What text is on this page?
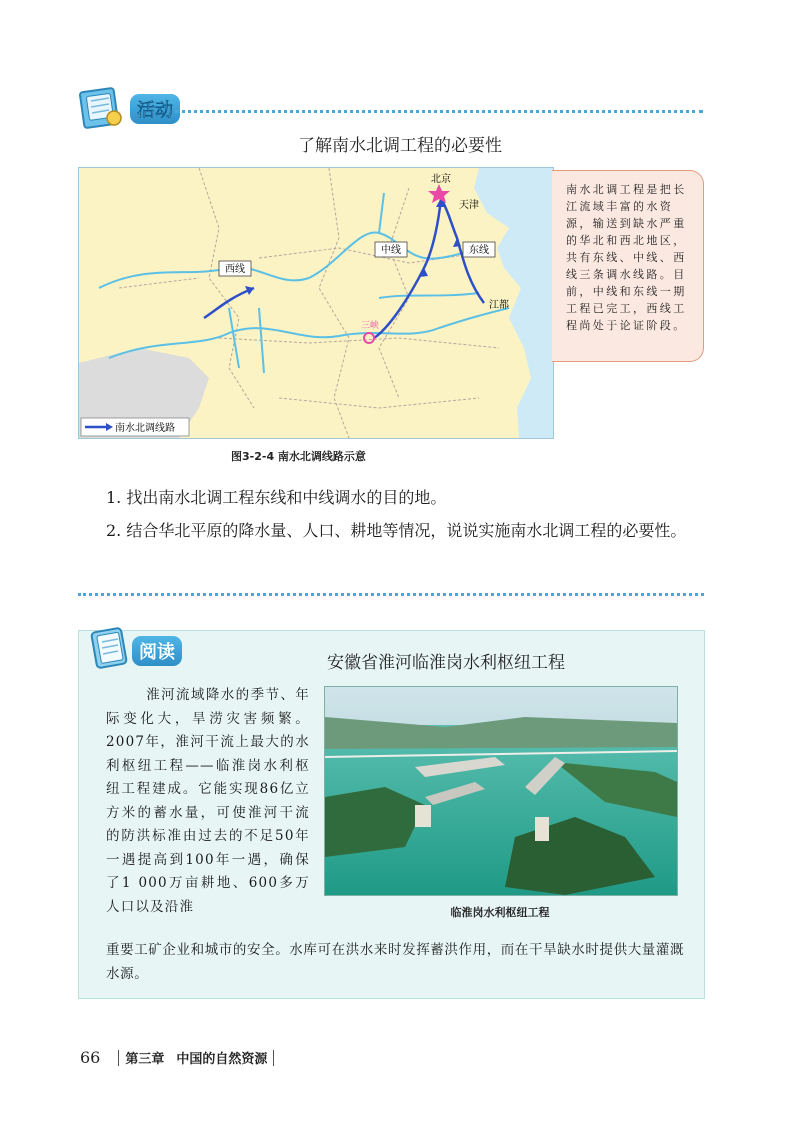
活动
了解南水北调工程的必要性
西线
中线	东线
北京
天津
江都
三峡
南水北调线路
南水北调工程是把长江流域丰富的水资源，输送到缺水严重的华北和西北地区，共有东线、中线、西线三条调水线路。目前，中线和东线一期工程已完工，西线工程尚处于论证阶段。
图3-2-4 南水北调线路示意
1. 找出南水北调工程东线和中线调水的目的地。
2. 结合华北平原的降水量、人口、耕地等情况，说说实施南水北调工程的必要性。
阅读	安徽省淮河临淮岗水利枢纽工程
淮河流域降水的季节、年际变化大，旱涝灾害频繁。2007年，淮河干流上最大的水利枢纽工程——临淮岗水利枢纽工程建成。它能实现86亿立方米的蓄水量，可使淮河干流的防洪标准由过去的不足50年一遇提高到100年一遇，确保了1 000万亩耕地、600多万人口以及沿淮
重要工矿企业和城市的安全。水库可在洪水来时发挥蓄洪作用，而在干旱缺水时提供大量灌溉水源。
临淮岗水利枢纽工程
66 第三章 中国的自然资源
